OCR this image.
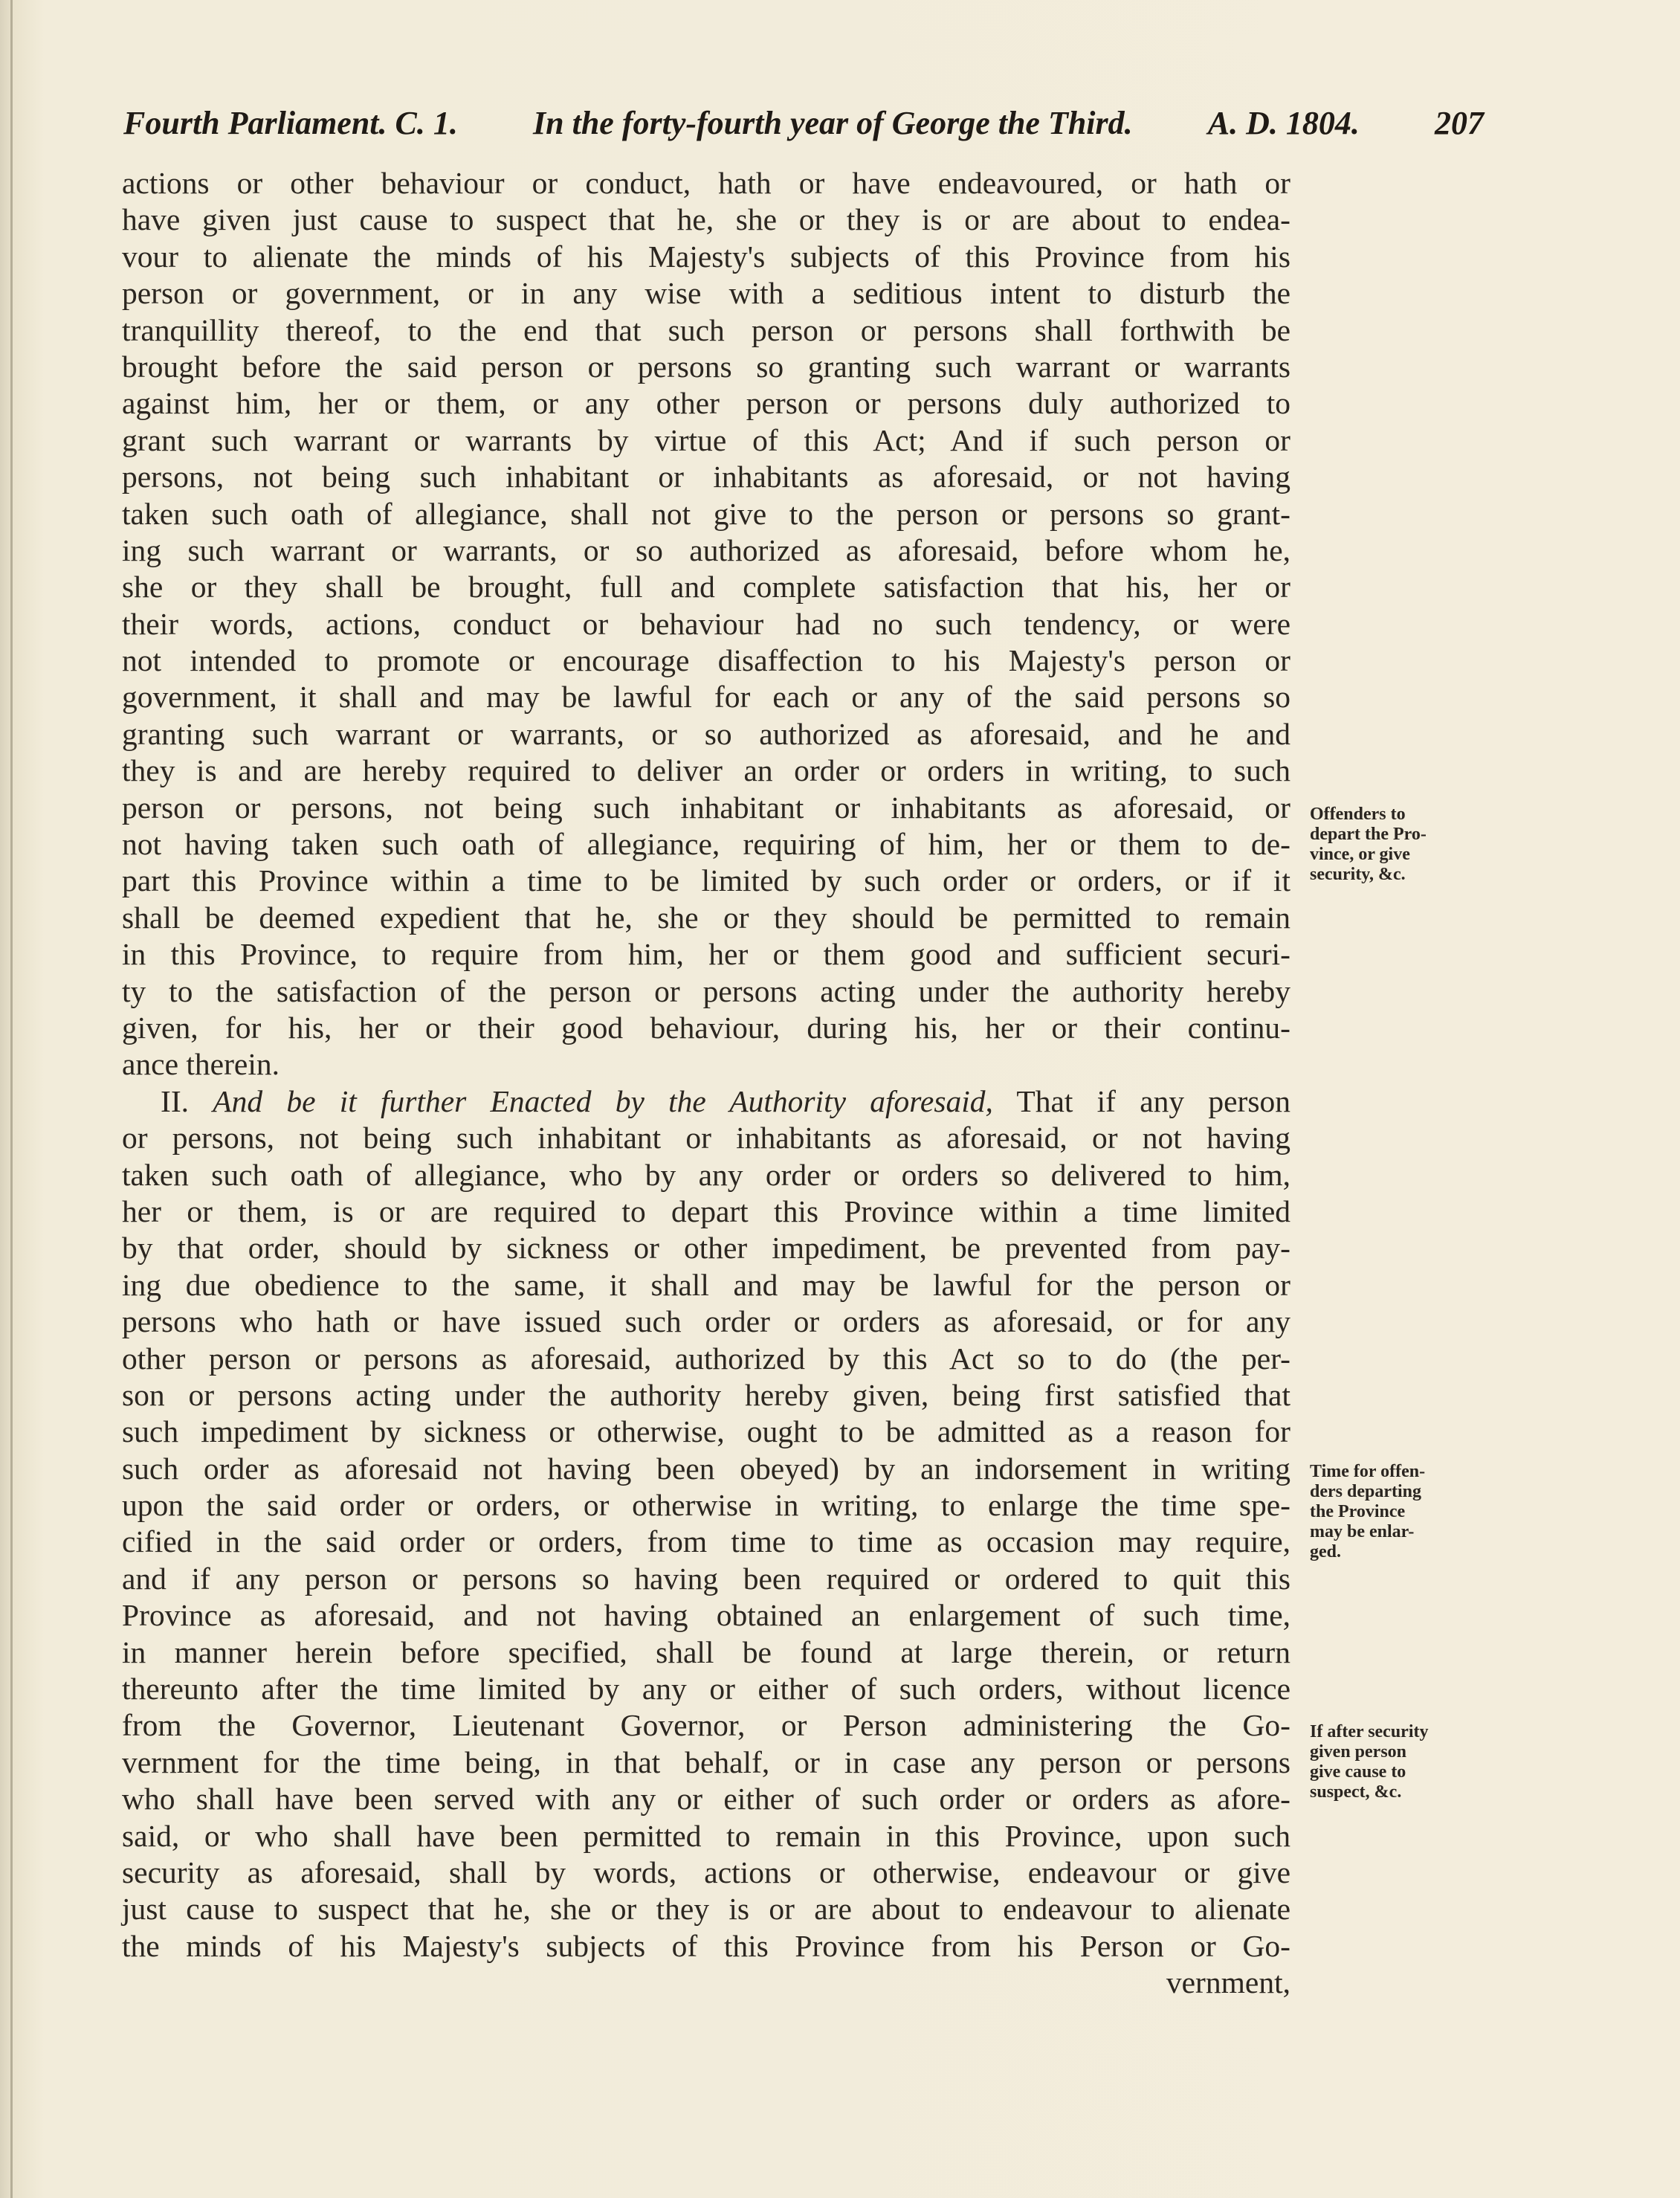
Fourth Parliament. C. 1. In the forty-fourth year of George the Third. A. D. 1804. 207
actions or other behaviour or conduct, hath or have endeavoured, or hath or
have given just cause to suspect that he, she or they is or are about to endea-
vour to alienate the minds of his Majesty's subjects of this Province from his
person or government, or in any wise with a seditious intent to disturb the
tranquillity thereof, to the end that such person or persons shall forthwith be
brought before the said person or persons so granting such warrant or warrants
against him, her or them, or any other person or persons duly authorized to
grant such warrant or warrants by virtue of this Act; And if such person or
persons, not being such inhabitant or inhabitants as aforesaid, or not having
taken such oath of allegiance, shall not give to the person or persons so grant-
ing such warrant or warrants, or so authorized as aforesaid, before whom he,
she or they shall be brought, full and complete satisfaction that his, her or
their words, actions, conduct or behaviour had no such tendency, or were
not intended to promote or encourage disaffection to his Majesty's person or
government, it shall and may be lawful for each or any of the said persons so
granting such warrant or warrants, or so authorized as aforesaid, and he and
they is and are hereby required to deliver an order or orders in writing, to such
person or persons, not being such inhabitant or inhabitants as aforesaid, or
not having taken such oath of allegiance, requiring of him, her or them to de-
part this Province within a time to be limited by such order or orders, or if it
shall be deemed expedient that he, she or they should be permitted to remain
in this Province, to require from him, her or them good and sufficient securi-
ty to the satisfaction of the person or persons acting under the authority hereby
given, for his, her or their good behaviour, during his, her or their continu-
ance therein.
II. And be it further Enacted by the Authority aforesaid, That if any person
or persons, not being such inhabitant or inhabitants as aforesaid, or not having
taken such oath of allegiance, who by any order or orders so delivered to him,
her or them, is or are required to depart this Province within a time limited
by that order, should by sickness or other impediment, be prevented from pay-
ing due obedience to the same, it shall and may be lawful for the person or
persons who hath or have issued such order or orders as aforesaid, or for any
other person or persons as aforesaid, authorized by this Act so to do (the per-
son or persons acting under the authority hereby given, being first satisfied that
such impediment by sickness or otherwise, ought to be admitted as a reason for
such order as aforesaid not having been obeyed) by an indorsement in writing
upon the said order or orders, or otherwise in writing, to enlarge the time spe-
cified in the said order or orders, from time to time as occasion may require,
and if any person or persons so having been required or ordered to quit this
Province as aforesaid, and not having obtained an enlargement of such time,
in manner herein before specified, shall be found at large therein, or return
thereunto after the time limited by any or either of such orders, without licence
from the Governor, Lieutenant Governor, or Person administering the Go-
vernment for the time being, in that behalf, or in case any person or persons
who shall have been served with any or either of such order or orders as afore-
said, or who shall have been permitted to remain in this Province, upon such
security as aforesaid, shall by words, actions or otherwise, endeavour or give
just cause to suspect that he, she or they is or are about to endeavour to alienate
the minds of his Majesty's subjects of this Province from his Person or Go-
vernment,
Offenders to
depart the Pro-
vince, or give
security, &c.
Time for offen-
ders departing
the Province
may be enlar-
ged.
If after security
given person
give cause to
suspect, &c.
